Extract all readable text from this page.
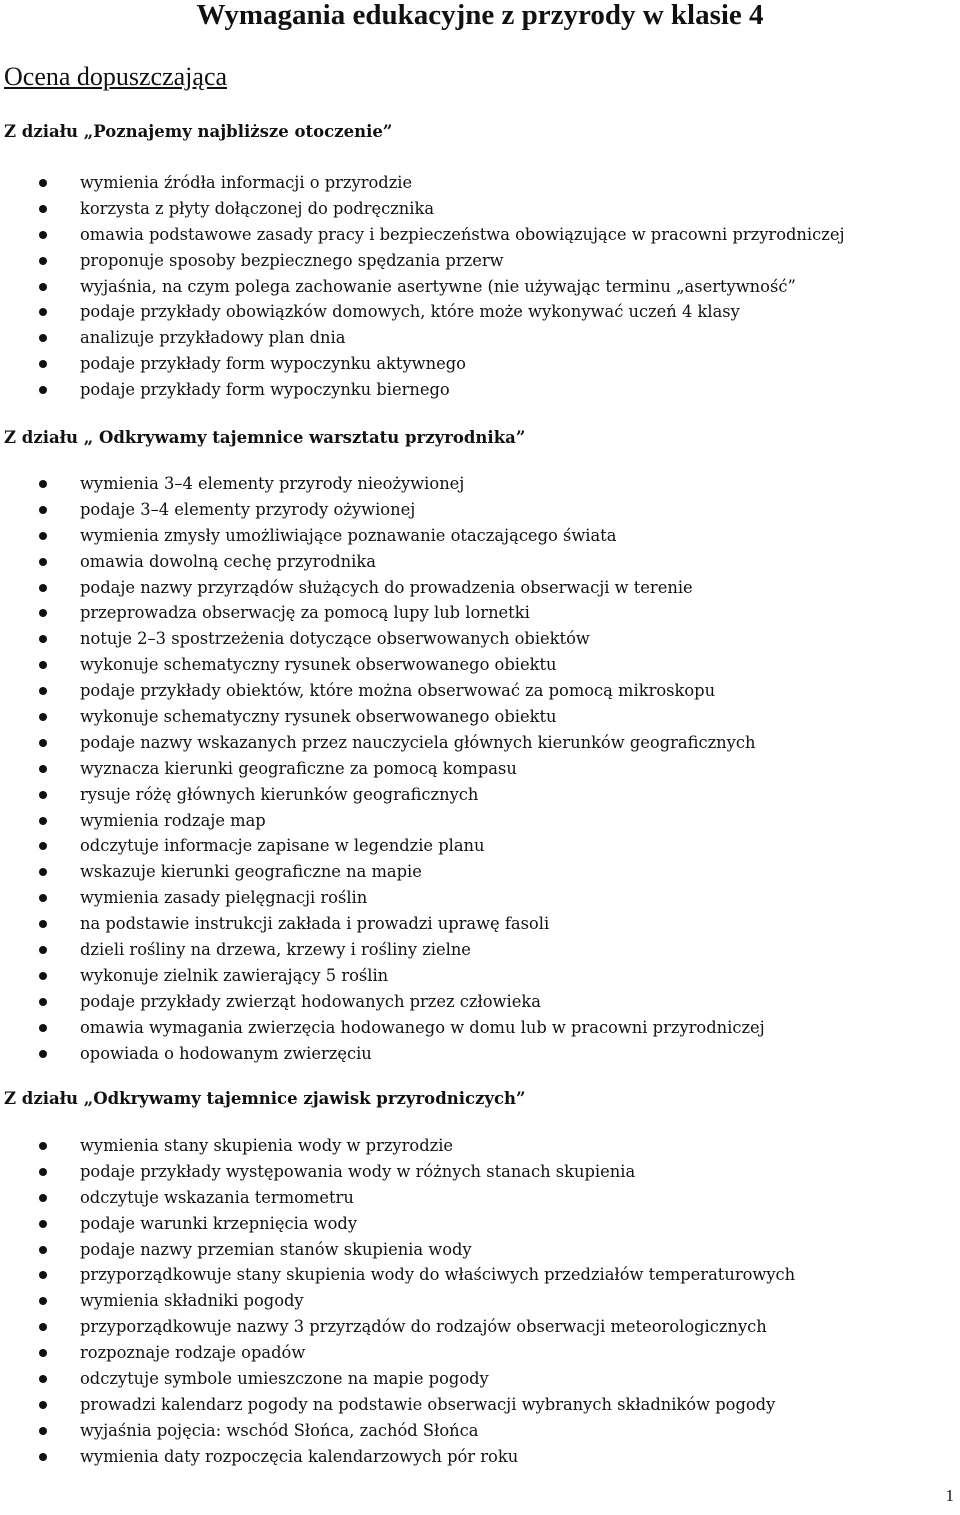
Wymagania edukacyjne z przyrody w klasie 4
Ocena dopuszczająca
Z działu „Poznajemy najbliższe otoczenie”
wymienia źródła informacji o przyrodzie
korzysta z płyty dołączonej do podręcznika
omawia podstawowe zasady pracy i bezpieczeństwa obowiązujące w pracowni przyrodniczej
proponuje sposoby bezpiecznego spędzania przerw
wyjaśnia, na czym polega zachowanie asertywne (nie używając terminu „asertywność”
podaje przykłady obowiązków domowych, które może wykonywać uczeń 4 klasy
analizuje przykładowy plan dnia
podaje przykłady form wypoczynku aktywnego
podaje przykłady form wypoczynku biernego
Z działu „ Odkrywamy tajemnice warsztatu przyrodnika”
wymienia 3–4 elementy przyrody nieożywionej
podaje 3–4 elementy przyrody ożywionej
wymienia zmysły umożliwiające poznawanie otaczającego świata
omawia dowolną cechę przyrodnika
podaje nazwy przyrządów służących do prowadzenia obserwacji w terenie
przeprowadza obserwację za pomocą lupy lub lornetki
notuje 2–3 spostrzeżenia dotyczące obserwowanych obiektów
wykonuje schematyczny rysunek obserwowanego obiektu
podaje przykłady obiektów, które można obserwować za pomocą mikroskopu
wykonuje schematyczny rysunek obserwowanego obiektu
podaje nazwy wskazanych przez nauczyciela głównych kierunków geograficznych
wyznacza kierunki geograficzne za pomocą kompasu
rysuje różę głównych kierunków geograficznych
wymienia rodzaje map
odczytuje informacje zapisane w legendzie planu
wskazuje kierunki geograficzne na mapie
wymienia zasady pielęgnacji roślin
na podstawie instrukcji zakłada i prowadzi uprawę fasoli
dzieli rośliny na drzewa, krzewy i rośliny zielne
wykonuje zielnik zawierający 5 roślin
podaje przykłady zwierząt hodowanych przez człowieka
omawia wymagania zwierzęcia hodowanego w domu lub w pracowni przyrodniczej
opowiada o hodowanym zwierzęciu
Z działu „Odkrywamy tajemnice zjawisk przyrodniczych”
wymienia stany skupienia wody w przyrodzie
podaje przykłady występowania wody w różnych stanach skupienia
odczytuje wskazania termometru
podaje warunki krzepnięcia wody
podaje nazwy przemian stanów skupienia wody
przyporządkowuje stany skupienia wody do właściwych przedziałów temperaturowych
wymienia składniki pogody
przyporządkowuje nazwy 3 przyrządów do rodzajów obserwacji meteorologicznych
rozpoznaje rodzaje opadów
odczytuje symbole umieszczone na mapie pogody
prowadzi kalendarz pogody na podstawie obserwacji wybranych składników pogody
wyjaśnia pojęcia: wschód Słońca, zachód Słońca
wymienia daty rozpoczęcia kalendarzowych pór roku
1
